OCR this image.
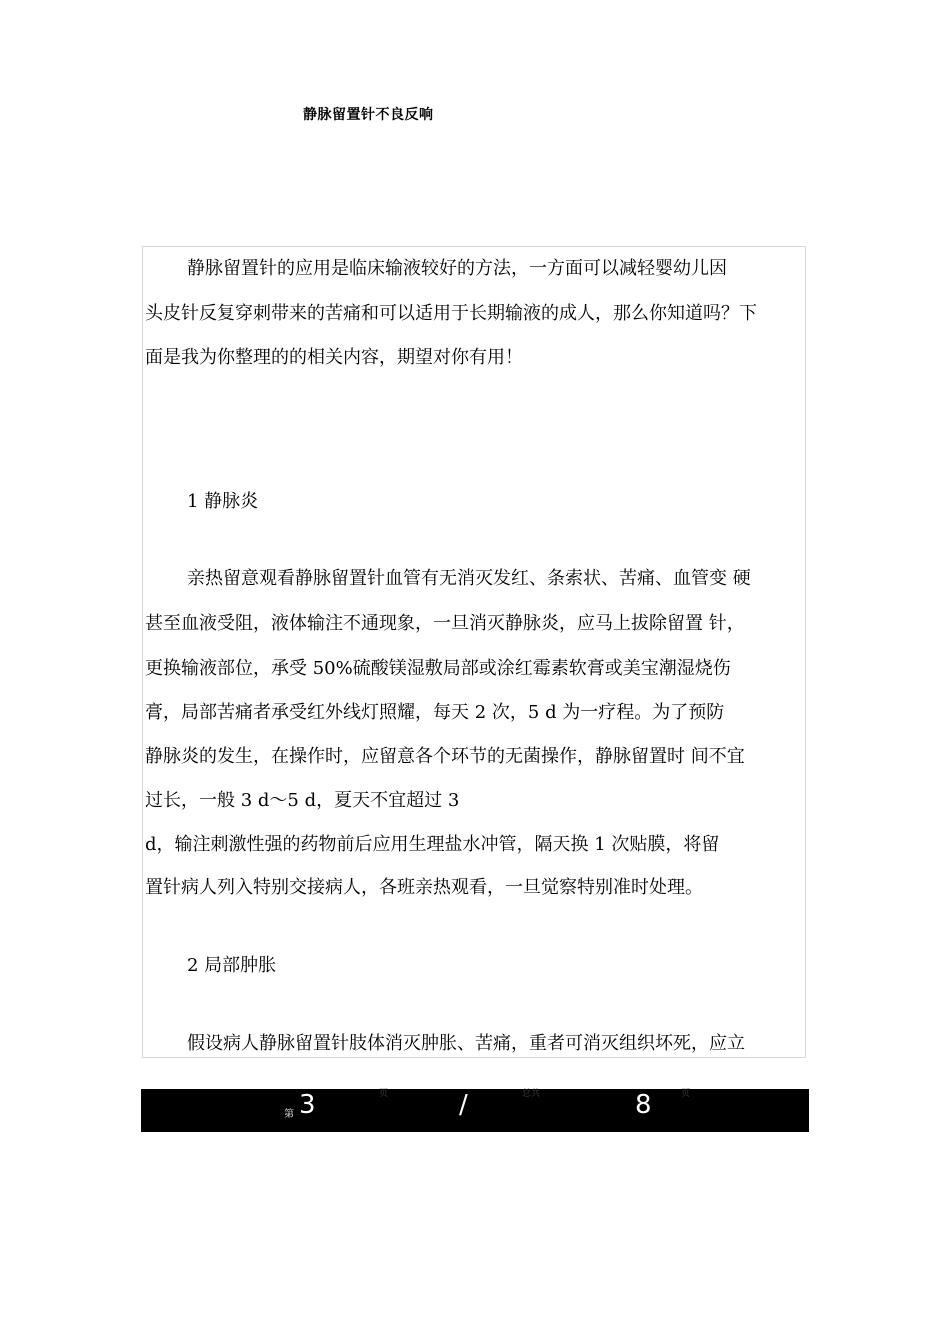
静脉留置针不良反响
静脉留置针的应用是临床输液较好的方法，一方面可以减轻婴幼儿因
头皮针反复穿刺带来的苦痛和可以适用于长期输液的成人，那么你知道吗？下
面是我为你整理的的相关内容，期望对你有用！
1 静脉炎
亲热留意观看静脉留置针血管有无消灭发红、条索状、苦痛、血管变 硬
甚至血液受阻，液体输注不通现象，一旦消灭静脉炎，应马上拔除留置 针，
更换输液部位，承受 50%硫酸镁湿敷局部或涂红霉素软膏或美宝潮湿烧伤
膏，局部苦痛者承受红外线灯照耀，每天 2 次，5 d 为一疗程。为了预防
静脉炎的发生，在操作时，应留意各个环节的无菌操作，静脉留置时 间不宜
过长，一般 3 d～5 d，夏天不宜超过 3
d，输注刺激性强的药物前后应用生理盐水冲管，隔天换 1 次贴膜，将留
置针病人列入特别交接病人，各班亲热观看，一旦觉察特别准时处理。
2 局部肿胀
假设病人静脉留置针肢体消灭肿胀、苦痛，重者可消灭组织坏死，应立
页	总共	页
第 3	/	8
